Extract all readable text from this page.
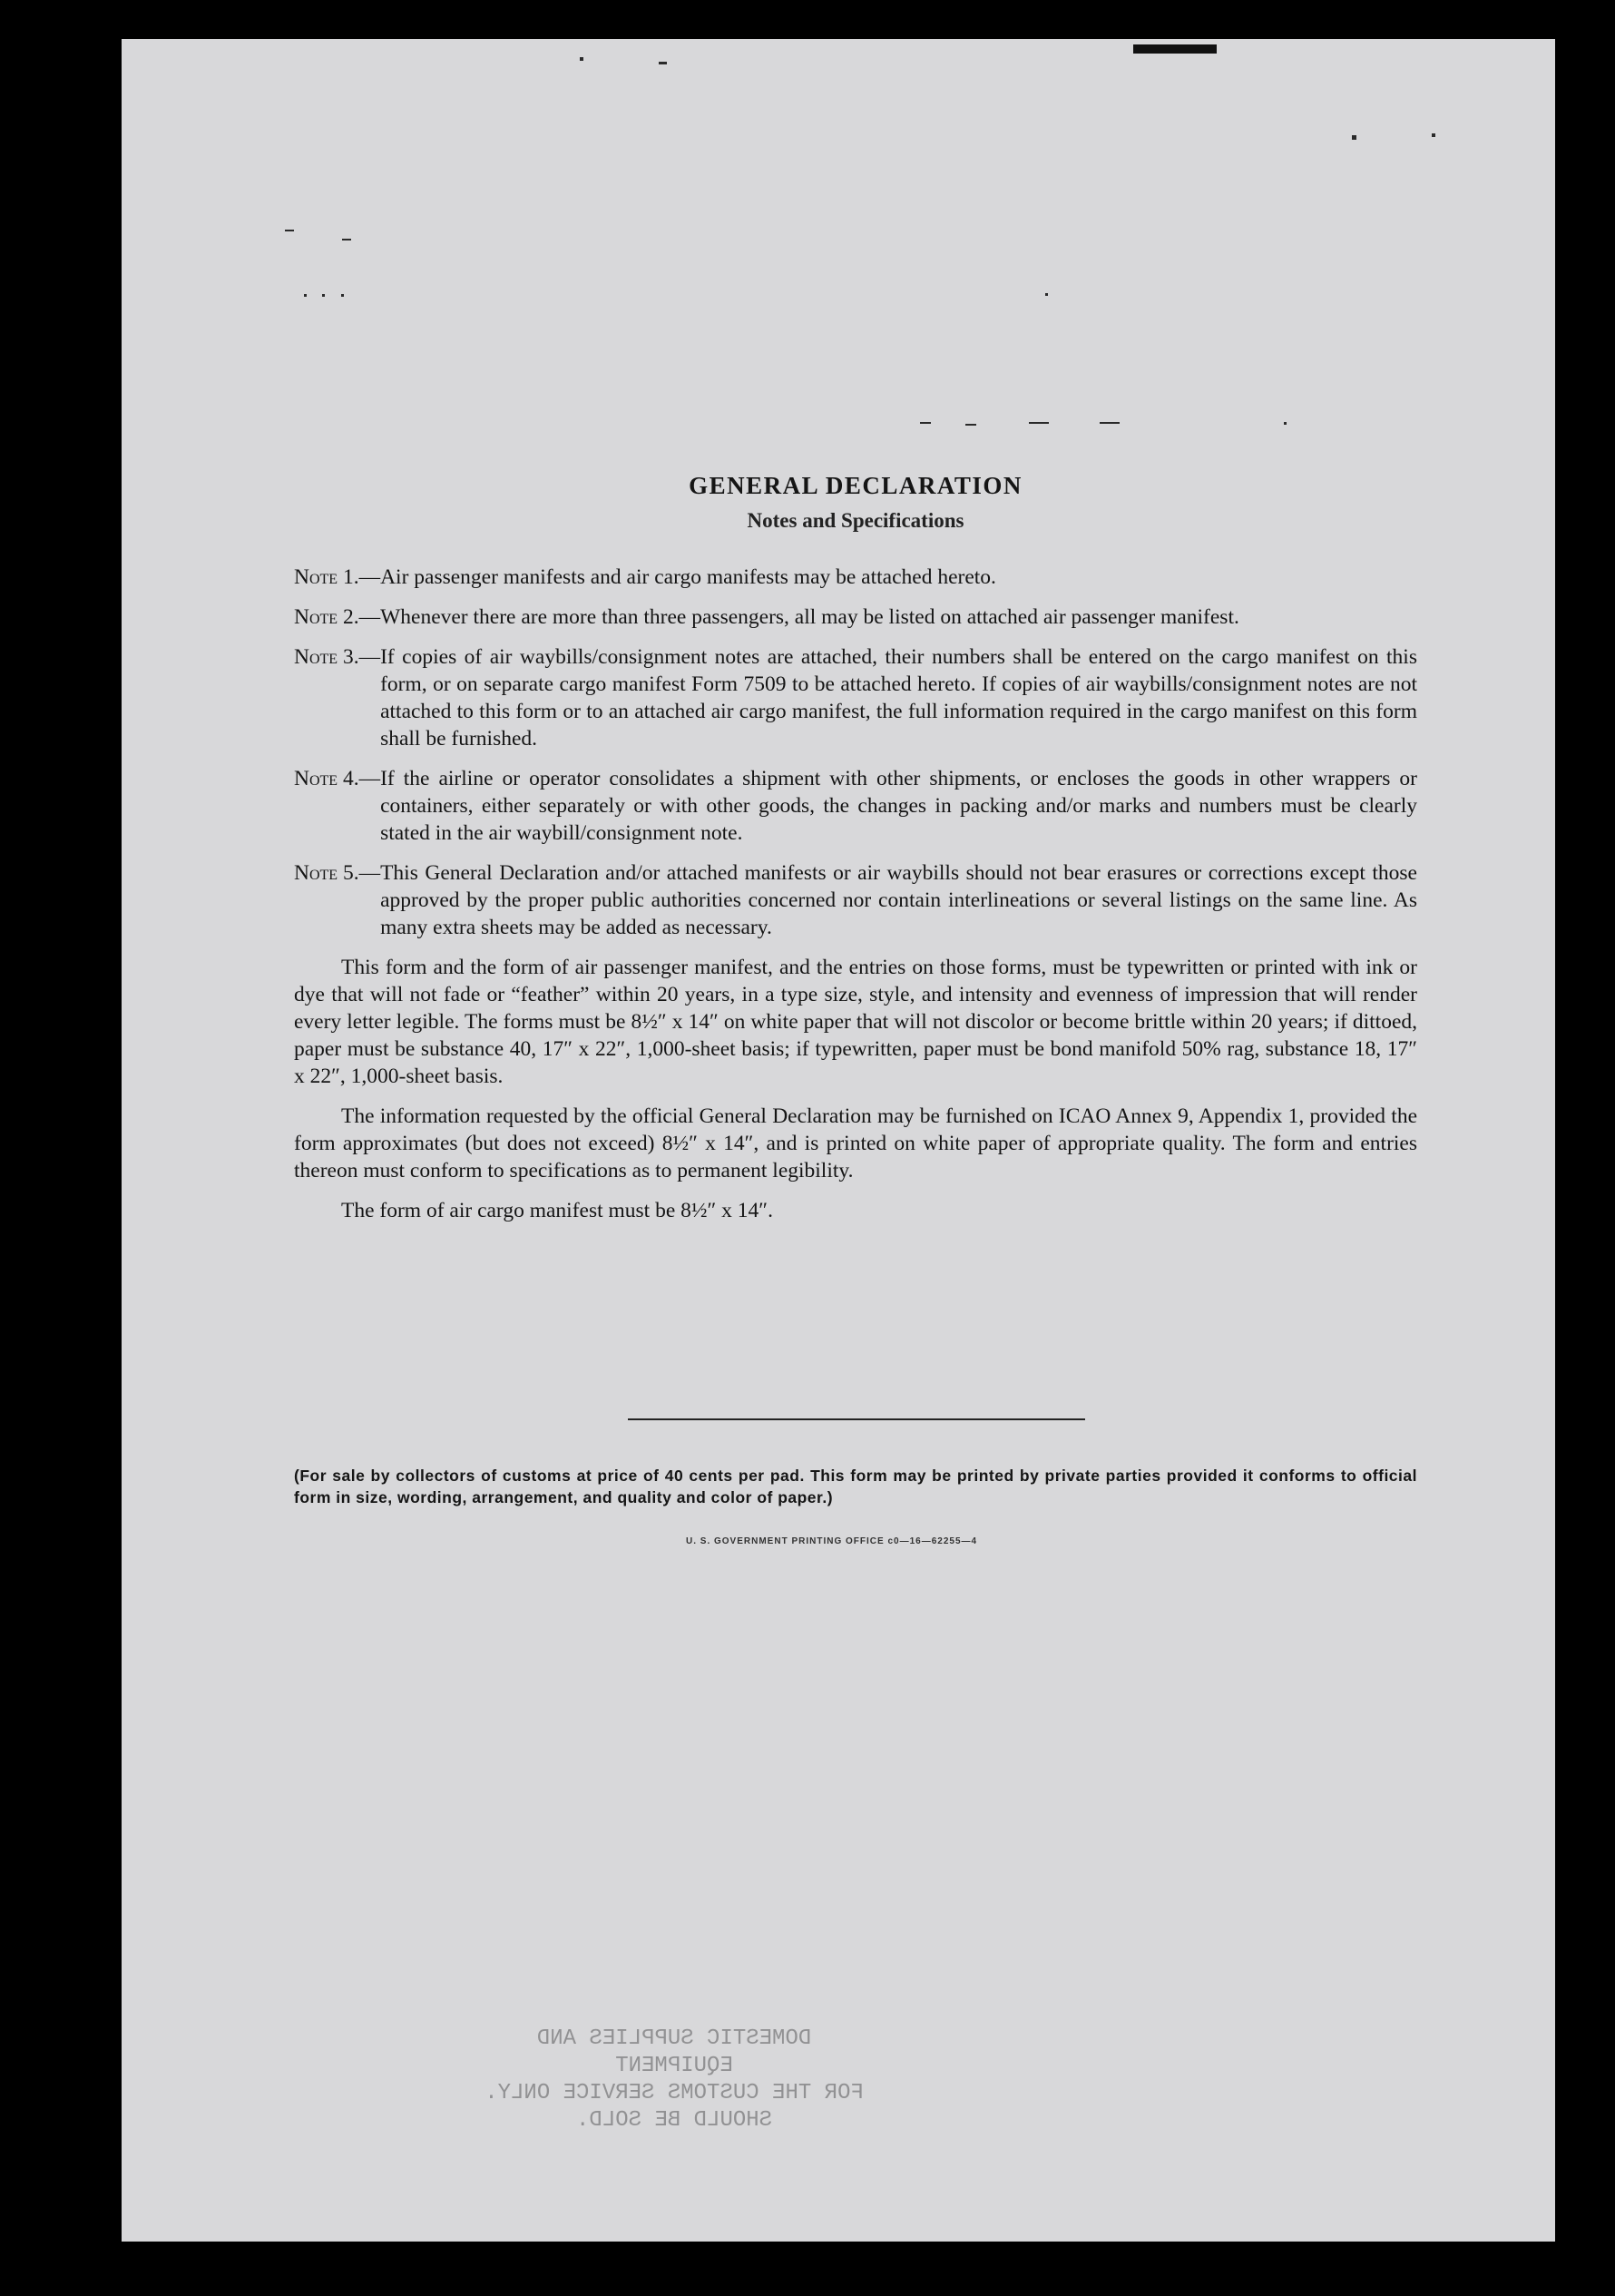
GENERAL DECLARATION
Notes and Specifications
Note 1.— Air passenger manifests and air cargo manifests may be attached hereto.
Note 2.— Whenever there are more than three passengers, all may be listed on attached air passenger manifest.
Note 3.— If copies of air waybills/consignment notes are attached, their numbers shall be entered on the cargo manifest on this form, or on separate cargo manifest Form 7509 to be attached hereto. If copies of air waybills/consignment notes are not attached to this form or to an attached air cargo manifest, the full information required in the cargo manifest on this form shall be furnished.
Note 4.— If the airline or operator consolidates a shipment with other shipments, or encloses the goods in other wrappers or containers, either separately or with other goods, the changes in packing and/or marks and numbers must be clearly stated in the air waybill/consignment note.
Note 5.— This General Declaration and/or attached manifests or air waybills should not bear erasures or corrections except those approved by the proper public authorities concerned nor contain interlineations or several listings on the same line. As many extra sheets may be added as necessary.

This form and the form of air passenger manifest, and the entries on those forms, must be typewritten or printed with ink or dye that will not fade or “feather” within 20 years, in a type size, style, and intensity and evenness of impression that will render every letter legible. The forms must be 8½″ x 14″ on white paper that will not discolor or become brittle within 20 years; if dittoed, paper must be substance 40, 17″ x 22″, 1,000-sheet basis; if typewritten, paper must be bond manifold 50% rag, substance 18, 17″ x 22″, 1,000-sheet basis.

The information requested by the official General Declaration may be furnished on ICAO Annex 9, Appendix 1, provided the form approximates (but does not exceed) 8½″ x 14″, and is printed on white paper of appropriate quality. The form and entries thereon must conform to specifications as to permanent legibility.

The form of air cargo manifest must be 8½″ x 14″.

(For sale by collectors of customs at price of 40 cents per pad. This form may be printed by private parties provided it conforms to official form in size, wording, arrangement, and quality and color of paper.)
U. S. GOVERNMENT PRINTING OFFICE c0—16—62255—4
DOMESTIC SUPPLIES AND EQUIPMENT
FOR THE CUSTOMS SERVICE ONLY.
SHOULD BE SOLD.
